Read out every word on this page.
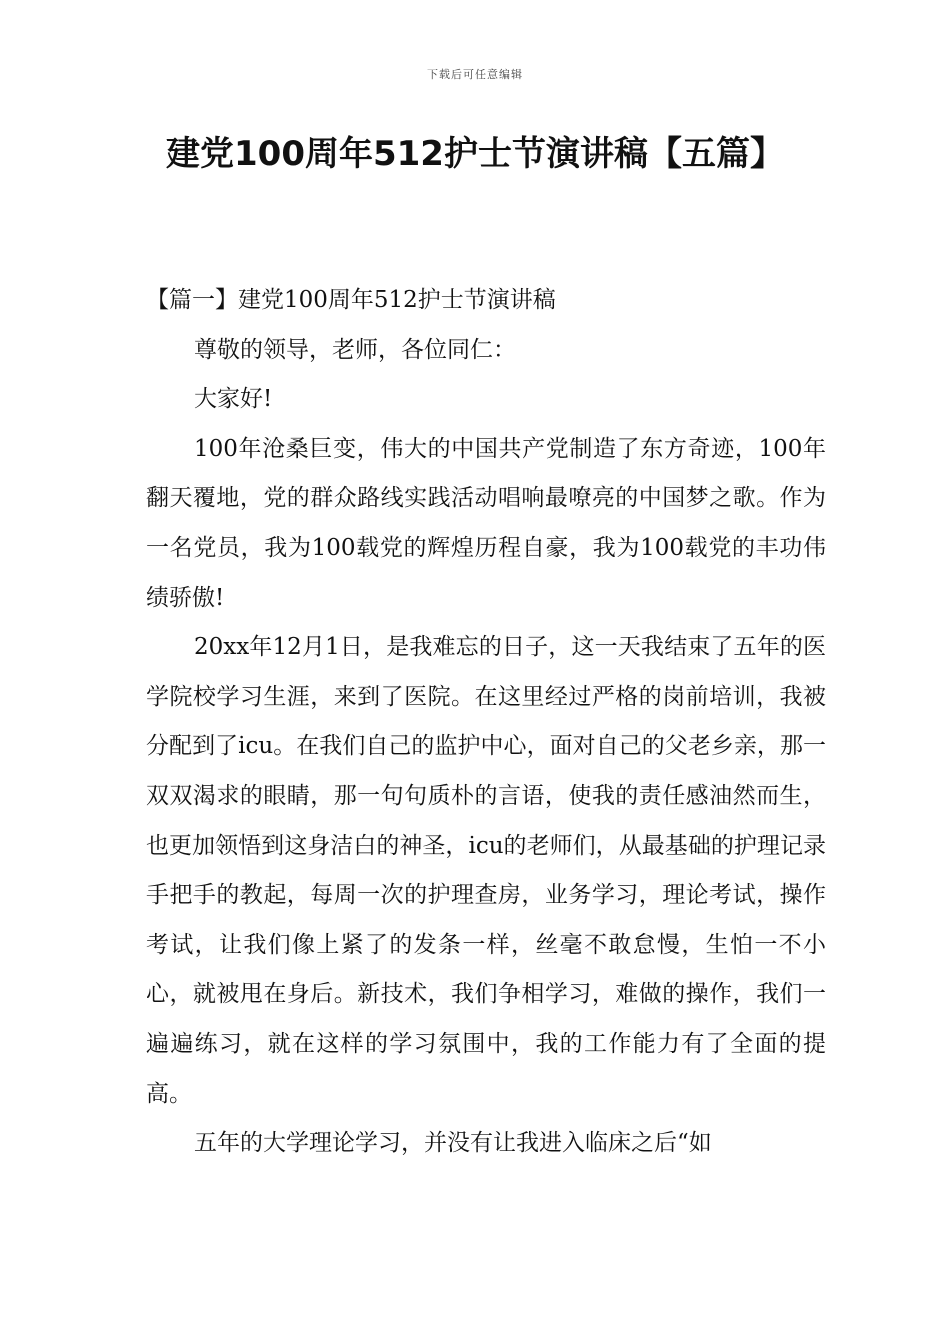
下载后可任意编辑
建党100周年512护士节演讲稿【五篇】

【篇一】建党100周年512护士节演讲稿

尊敬的领导，老师，各位同仁：

大家好!

100年沧桑巨变，伟大的中国共产党制造了东方奇迹，100年翻天覆地，党的群众路线实践活动唱响最嘹亮的中国梦之歌。作为一名党员，我为100载党的辉煌历程自豪，我为100载党的丰功伟绩骄傲!

20xx年12月1日，是我难忘的日子，这一天我结束了五年的医学院校学习生涯，来到了医院。在这里经过严格的岗前培训，我被分配到了icu。在我们自己的监护中心，面对自己的父老乡亲，那一双双渴求的眼睛，那一句句质朴的言语，使我的责任感油然而生，也更加领悟到这身洁白的神圣，icu的老师们，从最基础的护理记录手把手的教起，每周一次的护理查房，业务学习，理论考试，操作考试，让我们像上紧了的发条一样，丝毫不敢怠慢，生怕一不小心，就被甩在身后。新技术，我们争相学习，难做的操作，我们一遍遍练习，就在这样的学习氛围中，我的工作能力有了全面的提高。

五年的大学理论学习，并没有让我进入临床之后“如
